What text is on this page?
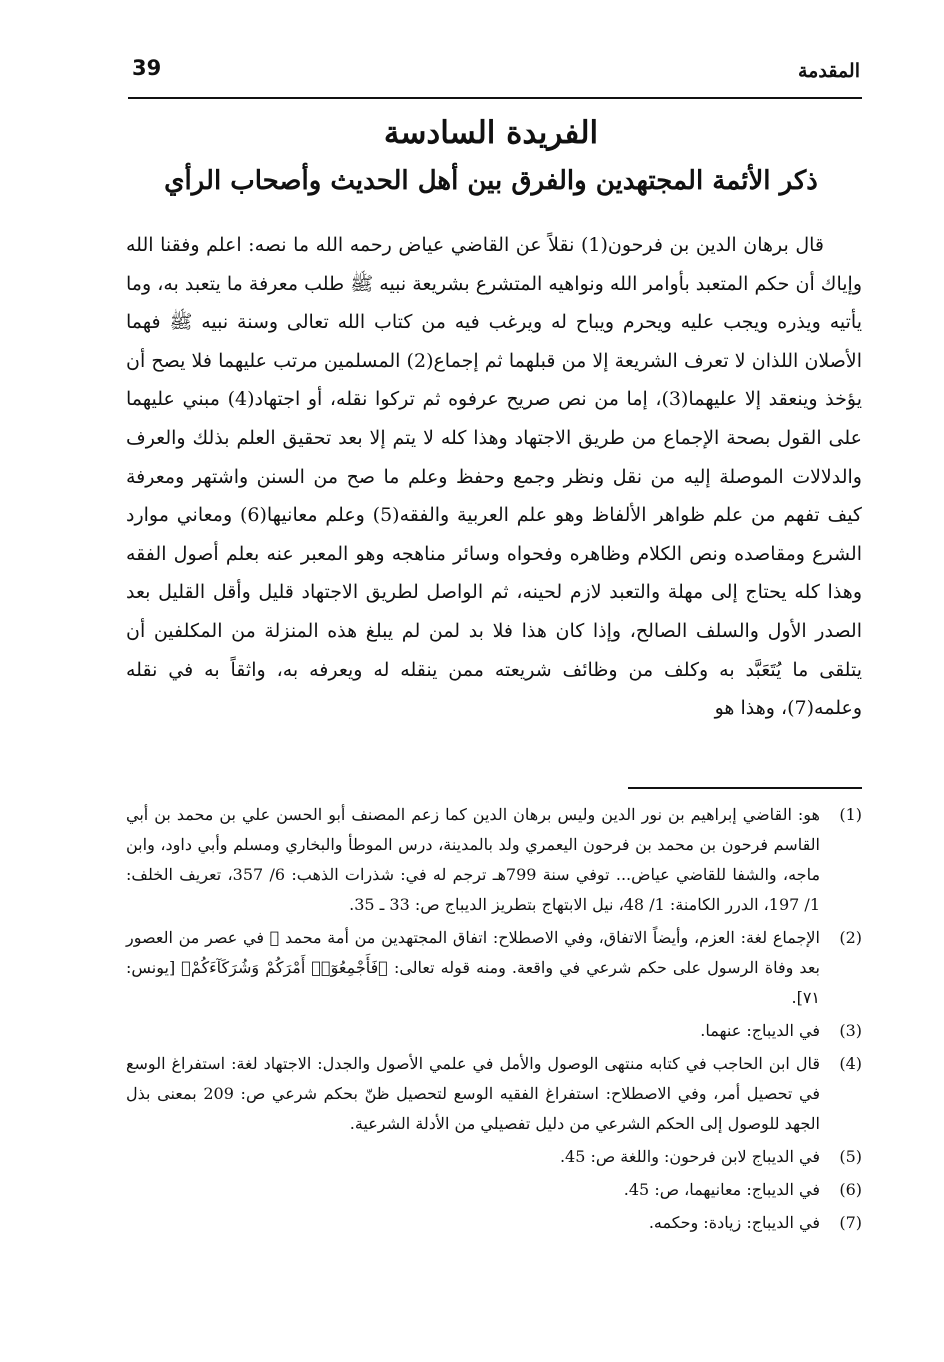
39	المقدمة
الفريدة السادسة
ذكر الأئمة المجتهدين والفرق بين أهل الحديث وأصحاب الرأي
قال برهان الدين بن فرحون(1) نقلاً عن القاضي عياض رحمه الله ما نصه: اعلم وفقنا الله وإياك أن حكم المتعبد بأوامر الله ونواهيه المتشرع بشريعة نبيه ﷺ طلب معرفة ما يتعبد به، وما يأتيه ويذره ويجب عليه ويحرم ويباح له ويرغب فيه من كتاب الله تعالى وسنة نبيه ﷺ فهما الأصلان اللذان لا تعرف الشريعة إلا من قبلهما ثم إجماع(2) المسلمين مرتب عليهما فلا يصح أن يؤخذ وينعقد إلا عليهما(3)، إما من نص صريح عرفوه ثم تركوا نقله، أو اجتهاد(4) مبني عليهما على القول بصحة الإجماع من طريق الاجتهاد وهذا كله لا يتم إلا بعد تحقيق العلم بذلك والعرف والدلالات الموصلة إليه من نقل ونظر وجمع وحفظ وعلم ما صح من السنن واشتهر ومعرفة كيف تفهم من علم ظواهر الألفاظ وهو علم العربية والفقه(5) وعلم معانيها(6) ومعاني موارد الشرع ومقاصده ونص الكلام وظاهره وفحواه وسائر مناهجه وهو المعبر عنه بعلم أصول الفقه وهذا كله يحتاج إلى مهلة والتعبد لازم لحينه، ثم الواصل لطريق الاجتهاد قليل وأقل القليل بعد الصدر الأول والسلف الصالح، وإذا كان هذا فلا بد لمن لم يبلغ هذه المنزلة من المكلفين أن يتلقى ما يُتَعَبَّد به وكلف من وظائف شريعته ممن ينقله له ويعرفه به، واثقاً به في نقله وعلمه(7)، وهذا هو
(1)
هو: القاضي إبراهيم بن نور الدين وليس برهان الدين كما زعم المصنف أبو الحسن علي بن محمد بن أبي القاسم فرحون بن محمد بن فرحون اليعمري ولد بالمدينة، درس الموطأ والبخاري ومسلم وأبي داود، وابن ماجه، والشفا للقاضي عياض... توفي سنة 799هـ ترجم له في: شذرات الذهب: 6/ 357، تعريف الخلف: 1/ 197، الدرر الكامنة: 1/ 48، نيل الابتهاج بتطريز الديباج ص: 33 ـ 35.
(2)
الإجماع لغة: العزم، وأيضاً الاتفاق، وفي الاصطلاح: اتفاق المجتهدين من أمة محمد ﷺ في عصر من العصور بعد وفاة الرسول على حكم شرعي في واقعة. ومنه قوله تعالى: ﴿فَأَجْمِعُوٓا۟ أَمْرَكُمْ وَشُرَكَآءَكُمْ﴾ [يونس: ٧١].
(3)
في الديباج: عنهما.
(4)
قال ابن الحاجب في كتابه منتهى الوصول والأمل في علمي الأصول والجدل: الاجتهاد لغة: استفراغ الوسع في تحصيل أمر، وفي الاصطلاح: استفراغ الفقيه الوسع لتحصيل ظنّ بحكم شرعي ص: 209 بمعنى بذل الجهد للوصول إلى الحكم الشرعي من دليل تفصيلي من الأدلة الشرعية.
(5)
في الديباج لابن فرحون: واللغة ص: 45.
(6)
في الديباج: معانيهما، ص: 45.
(7)
في الديباج: زيادة: وحكمه.
